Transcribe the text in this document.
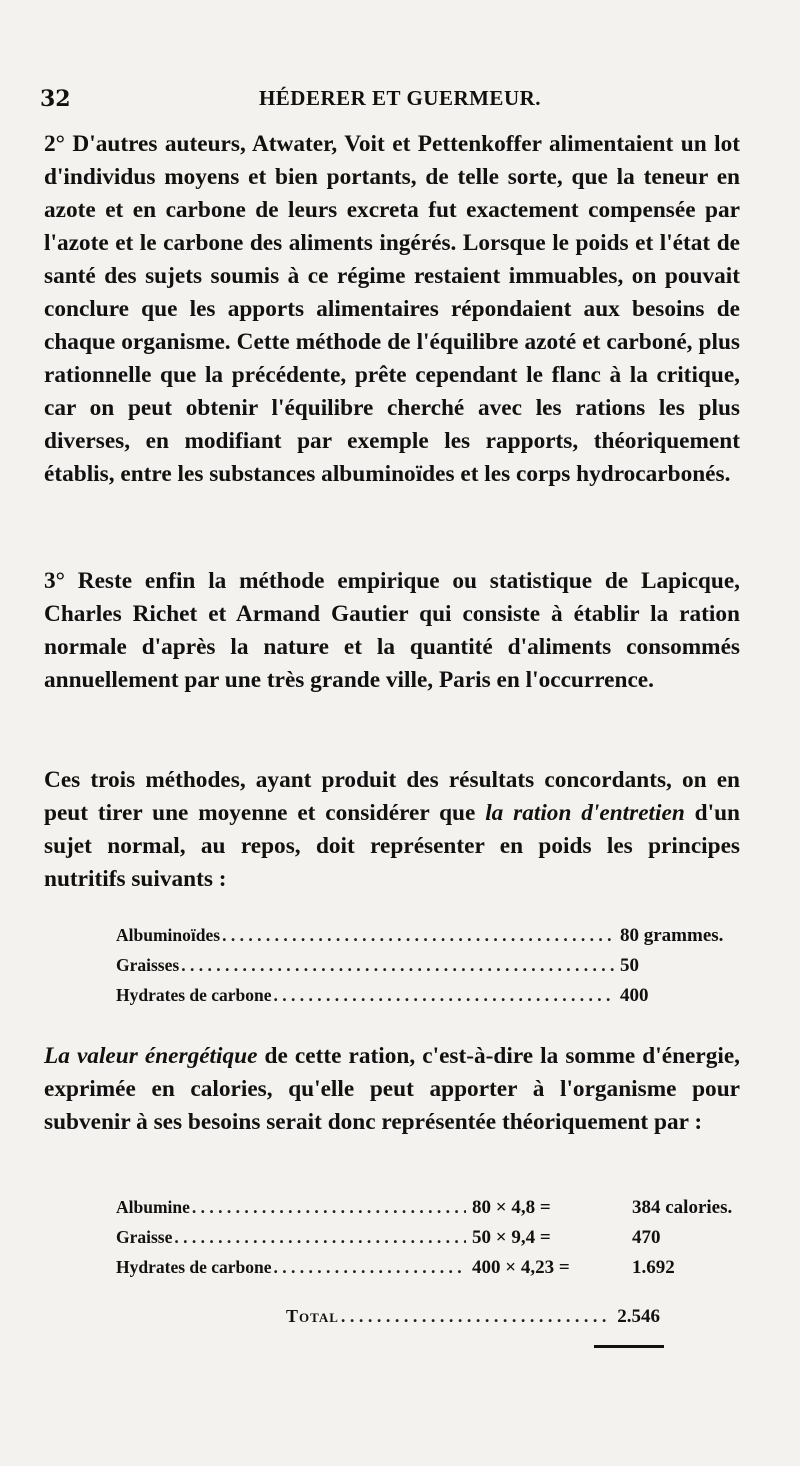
32	HÉDERER ET GUERMEUR.

2° D'autres auteurs, Atwater, Voit et Pettenkoffer alimentaient un lot d'individus moyens et bien portants, de telle sorte, que la teneur en azote et en carbone de leurs excreta fut exactement compensée par l'azote et le carbone des aliments ingérés. Lorsque le poids et l'état de santé des sujets soumis à ce régime restaient immuables, on pouvait conclure que les apports alimentaires répondaient aux besoins de chaque organisme. Cette méthode de l'équilibre azoté et carboné, plus rationnelle que la précédente, prête cependant le flanc à la critique, car on peut obtenir l'équilibre cherché avec les rations les plus diverses, en modifiant par exemple les rapports, théoriquement établis, entre les substances albuminoïdes et les corps hydrocarbonés.

3° Reste enfin la méthode empirique ou statistique de Lapicque, Charles Richet et Armand Gautier qui consiste à établir la ration normale d'après la nature et la quantité d'aliments consommés annuellement par une très grande ville, Paris en l'occurrence.

Ces trois méthodes, ayant produit des résultats concordants, on en peut tirer une moyenne et considérer que la ration d'entretien d'un sujet normal, au repos, doit représenter en poids les principes nutritifs suivants :

Albuminoïdes . . .	80 grammes.
Graisses . . .	50
Hydrates de carbone . . .	400

La valeur énergétique de cette ration, c'est-à-dire la somme d'énergie, exprimée en calories, qu'elle peut apporter à l'organisme pour subvenir à ses besoins serait donc représentée théoriquement par :

Albumine . . .	80 × 4,8 =	384 calories.
Graisse . . .	50 × 9,4 =	470
Hydrates de carbone . . .	400 × 4,23 =	1.692
Total . . .	2.546
